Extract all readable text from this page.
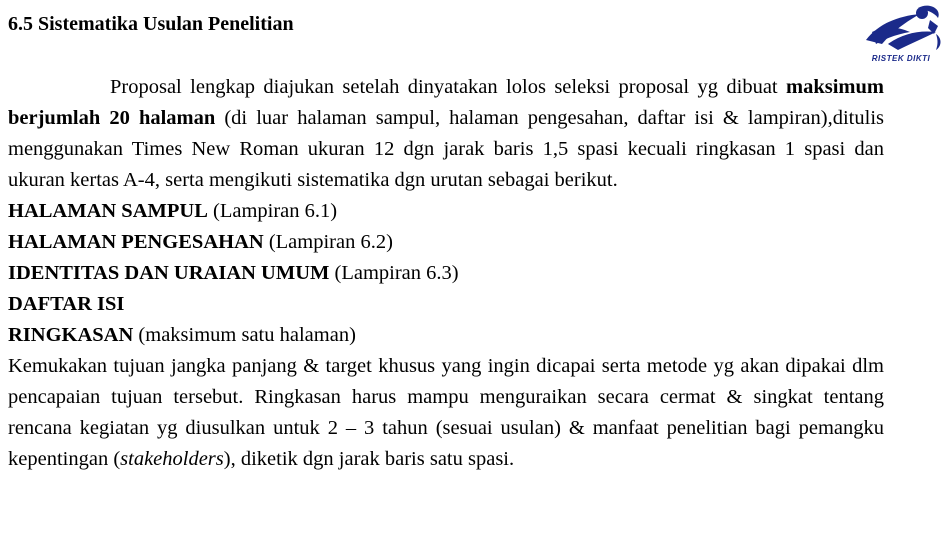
6.5 Sistematika Usulan Penelitian
RISTEK DIKTI

Proposal lengkap diajukan setelah dinyatakan lolos seleksi proposal yg dibuat maksimum berjumlah 20 halaman (di luar halaman sampul, halaman pengesahan, daftar isi & lampiran),ditulis menggunakan Times New Roman ukuran 12 dgn jarak baris 1,5 spasi kecuali ringkasan 1 spasi dan ukuran kertas A-4, serta mengikuti sistematika dgn urutan sebagai berikut.

HALAMAN SAMPUL (Lampiran 6.1)

HALAMAN PENGESAHAN (Lampiran 6.2)

IDENTITAS DAN URAIAN UMUM (Lampiran 6.3)

DAFTAR ISI

RINGKASAN (maksimum satu halaman)

Kemukakan tujuan jangka panjang & target khusus yang ingin dicapai serta metode yg akan dipakai dlm pencapaian tujuan tersebut. Ringkasan harus mampu menguraikan secara cermat & singkat tentang rencana kegiatan yg diusulkan untuk 2 – 3 tahun (sesuai usulan) & manfaat penelitian bagi pemangku kepentingan (stakeholders), diketik dgn jarak baris satu spasi.
